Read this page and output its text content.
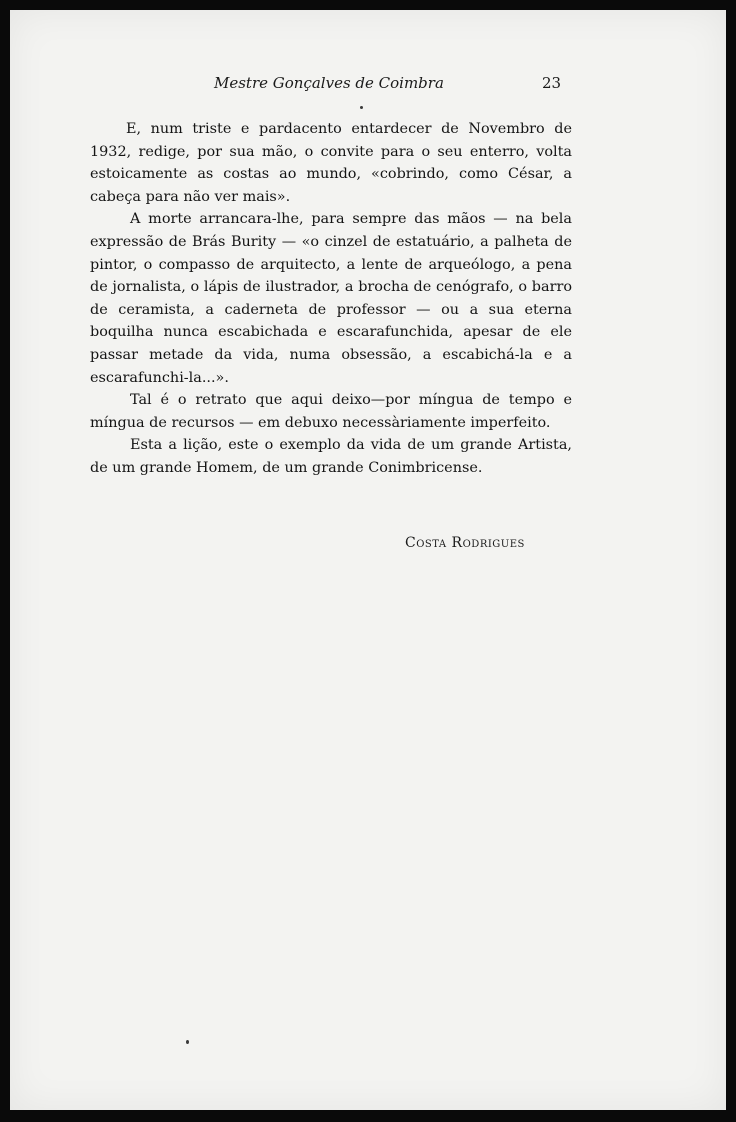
Mestre Gonçalves de Coimbra	23

E, num triste e pardacento entardecer de Novembro de 1932, redige, por sua mão, o convite para o seu enterro, volta estoicamente as costas ao mundo, «cobrindo, como César, a cabeça para não ver mais».

A morte arrancara-lhe, para sempre das mãos — na bela expressão de Brás Burity — «o cinzel de estatuário, a palheta de pintor, o compasso de arquitecto, a lente de arqueólogo, a pena de jornalista, o lápis de ilustrador, a brocha de cenógrafo, o barro de ceramista, a caderneta de professor — ou a sua eterna boquilha nunca escabichada e escarafunchida, apesar de ele passar metade da vida, numa obsessão, a escabichá-la e a escarafunchi-la...».

Tal é o retrato que aqui deixo—por míngua de tempo e míngua de recursos — em debuxo necessàriamente imperfeito.

Esta a lição, este o exemplo da vida de um grande Artista, de um grande Homem, de um grande Conimbricense.

Costa Rodrigues
